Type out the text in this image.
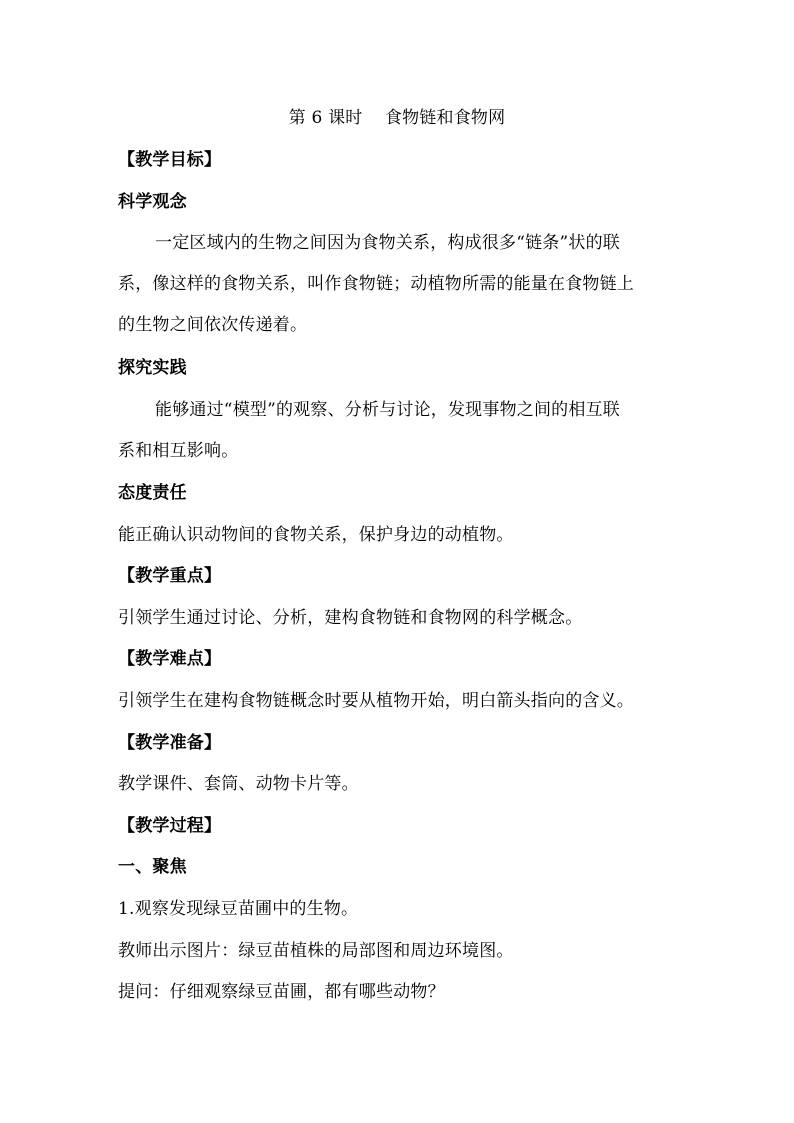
第 6 课时    食物链和食物网
【教学目标】
科学观念
一定区域内的生物之间因为食物关系，构成很多“链条”状的联
系，像这样的食物关系，叫作食物链；动植物所需的能量在食物链上
的生物之间依次传递着。
探究实践
能够通过“模型”的观察、分析与讨论，发现事物之间的相互联
系和相互影响。
态度责任
能正确认识动物间的食物关系，保护身边的动植物。
【教学重点】
引领学生通过讨论、分析，建构食物链和食物网的科学概念。
【教学难点】
引领学生在建构食物链概念时要从植物开始，明白箭头指向的含义。
【教学准备】
教学课件、套筒、动物卡片等。
【教学过程】
一、聚焦
1.观察发现绿豆苗圃中的生物。
教师出示图片：绿豆苗植株的局部图和周边环境图。
提问：仔细观察绿豆苗圃，都有哪些动物？
